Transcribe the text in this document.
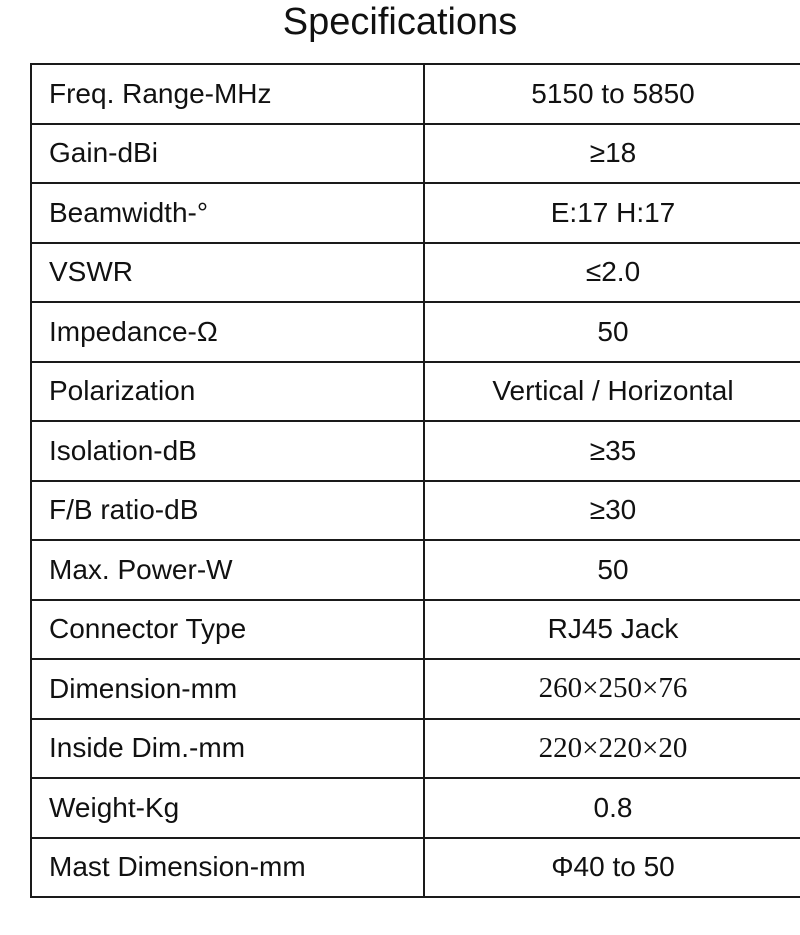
Specifications
Freq. Range-MHz	5150 to 5850
Gain-dBi	≥18
Beamwidth-°	E:17 H:17
VSWR	≤2.0
Impedance-Ω	50
Polarization	Vertical / Horizontal
Isolation-dB	≥35
F/B ratio-dB	≥30
Max. Power-W	50
Connector Type	RJ45 Jack
Dimension-mm	260×250×76
Inside Dim.-mm	220×220×20
Weight-Kg	0.8
Mast Dimension-mm	Φ40 to 50
